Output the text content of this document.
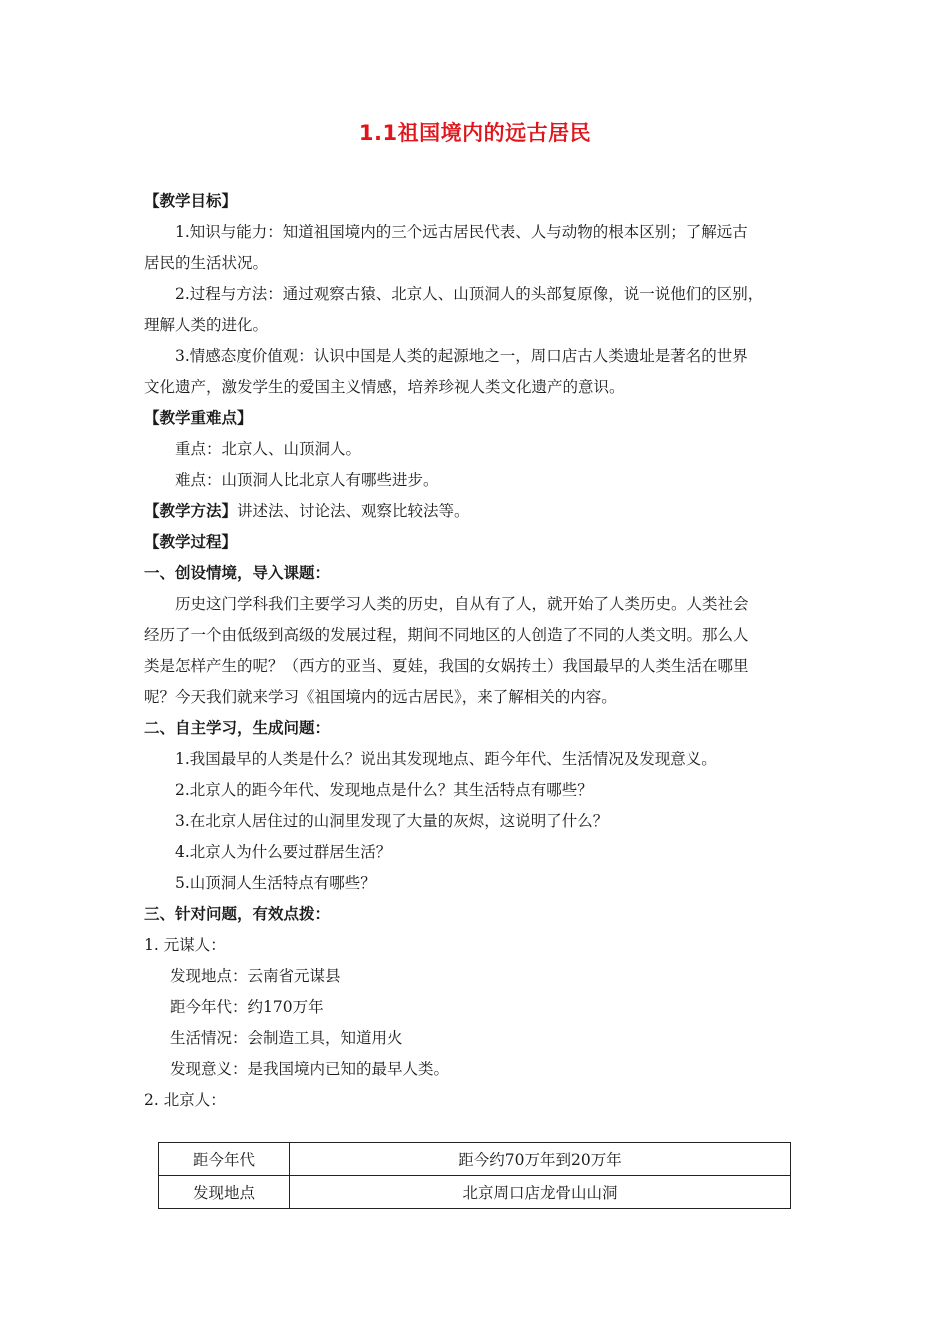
1.1祖国境内的远古居民
【教学目标】
1.知识与能力：知道祖国境内的三个远古居民代表、人与动物的根本区别；了解远古
居民的生活状况。
2.过程与方法：通过观察古猿、北京人、山顶洞人的头部复原像，说一说他们的区别，
理解人类的进化。
3.情感态度价值观：认识中国是人类的起源地之一，周口店古人类遗址是著名的世界
文化遗产，激发学生的爱国主义情感，培养珍视人类文化遗产的意识。
【教学重难点】
重点：北京人、山顶洞人。
难点：山顶洞人比北京人有哪些进步。
【教学方法】讲述法、讨论法、观察比较法等。
【教学过程】
一、创设情境，导入课题：
历史这门学科我们主要学习人类的历史，自从有了人，就开始了人类历史。人类社会
经历了一个由低级到高级的发展过程，期间不同地区的人创造了不同的人类文明。那么人
类是怎样产生的呢？（西方的亚当、夏娃，我国的女娲抟土）我国最早的人类生活在哪里
呢？今天我们就来学习《祖国境内的远古居民》，来了解相关的内容。
二、自主学习，生成问题：
1.我国最早的人类是什么？说出其发现地点、距今年代、生活情况及发现意义。
2.北京人的距今年代、发现地点是什么？其生活特点有哪些？
3.在北京人居住过的山洞里发现了大量的灰烬，这说明了什么？
4.北京人为什么要过群居生活？
5.山顶洞人生活特点有哪些？
三、针对问题，有效点拨：
1. 元谋人：
发现地点：云南省元谋县
距今年代：约170万年
生活情况：会制造工具，知道用火
发现意义：是我国境内已知的最早人类。
2. 北京人：
距今年代	距今约70万年到20万年
发现地点	北京周口店龙骨山山洞
